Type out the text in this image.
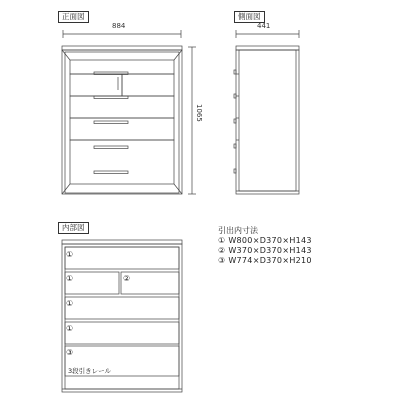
正面図	側面図
内部図
884	441
1065
①
①	②
①
①
③
3段引きレール
引出内寸法
① W800×D370×H143
② W370×D370×H143
③ W774×D370×H210
